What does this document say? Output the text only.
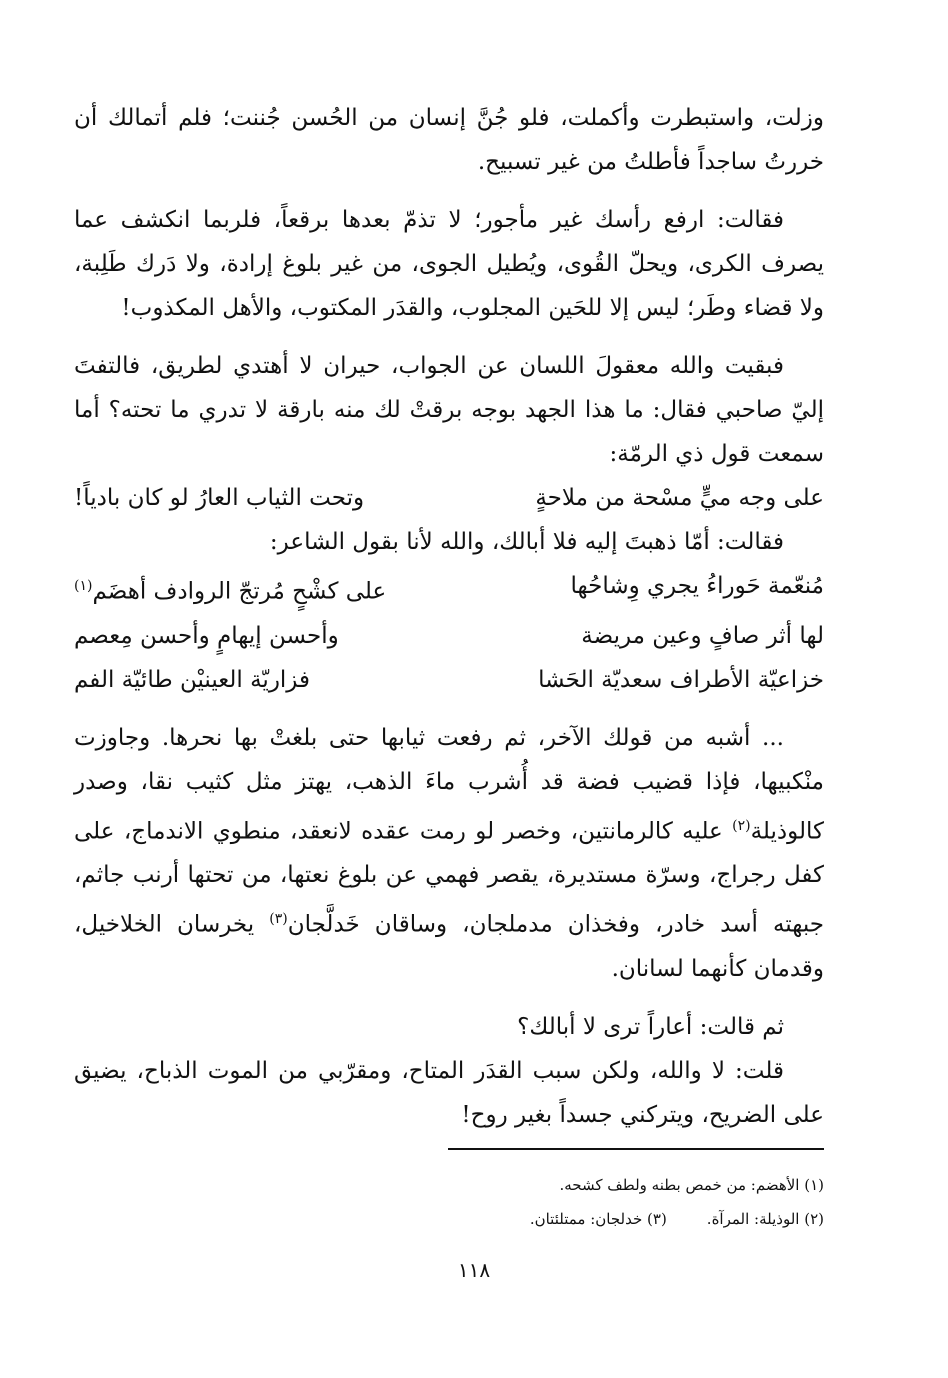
وزلت، واستبطرت وأكملت، فلو جُنَّ إنسان من الحُسن جُننت؛ فلم أتمالك أن خررتُ ساجداً فأطلتُ من غير تسبيح.

فقالت: ارفع رأسك غير مأجور؛ لا تذمّ بعدها برقعاً، فلربما انكشف عما يصرف الكرى، ويحلّ القُوى، ويُطيل الجوى، من غير بلوغ إرادة، ولا دَرك طَلِبة، ولا قضاء وطَر؛ ليس إلا للحَين المجلوب، والقدَر المكتوب، والأهل المكذوب!

فبقيت والله معقولَ اللسان عن الجواب، حيران لا أهتدي لطريق، فالتفتَ إليّ صاحبي فقال: ما هذا الجهد بوجه برقتْ لك منه بارقة لا تدري ما تحته؟ أما سمعت قول ذي الرمّة:

على وجه ميٍّ مسْحة من ملاحةٍ
وتحت الثياب العارُ لو كان بادياً!

فقالت: أمّا ذهبتَ إليه فلا أبالك، والله لأنا بقول الشاعر:

مُنعّمة حَوراءُ يجري وِشاحُها
على كشْحٍ مُرتجّ الروادف أهضَم$^{(١)}$
لها أثر صافٍ وعين مريضة
وأحسن إيهامٍ وأحسن مِعصم
خزاعيّة الأطراف سعديّة الحَشا
فزاريّة العينيْن طائيّة الفم

... أشبه من قولك الآخر، ثم رفعت ثيابها حتى بلغتْ بها نحرها. وجاوزت منْكبيها، فإذا قضيب فضة قد أُشرب ماءَ الذهب، يهتز مثل كثيب نقا، وصدر كالوذيلة$^{(٢)}$ عليه كالرمانتين، وخصر لو رمت عقده لانعقد، منطوي الاندماج، على كفل رجراج، وسرّة مستديرة، يقصر فهمي عن بلوغ نعتها، من تحتها أرنب جاثم، جبهته أسد خادر، وفخذان مدملجان، وساقان خَدلَّجان$^{(٣)}$ يخرسان الخلاخيل، وقدمان كأنهما لسانان.

ثم قالت: أعاراً ترى لا أبالك؟

قلت: لا والله، ولكن سبب القدَر المتاح، ومقرّبي من الموت الذباح، يضيق على الضريح، ويتركني جسداً بغير روح!

(١) الأهضم: من خمص بطنه ولطف كشحه.
(٢) الوذيلة: المرآة.
(٣) خدلجان: ممتلئتان.
١١٨
